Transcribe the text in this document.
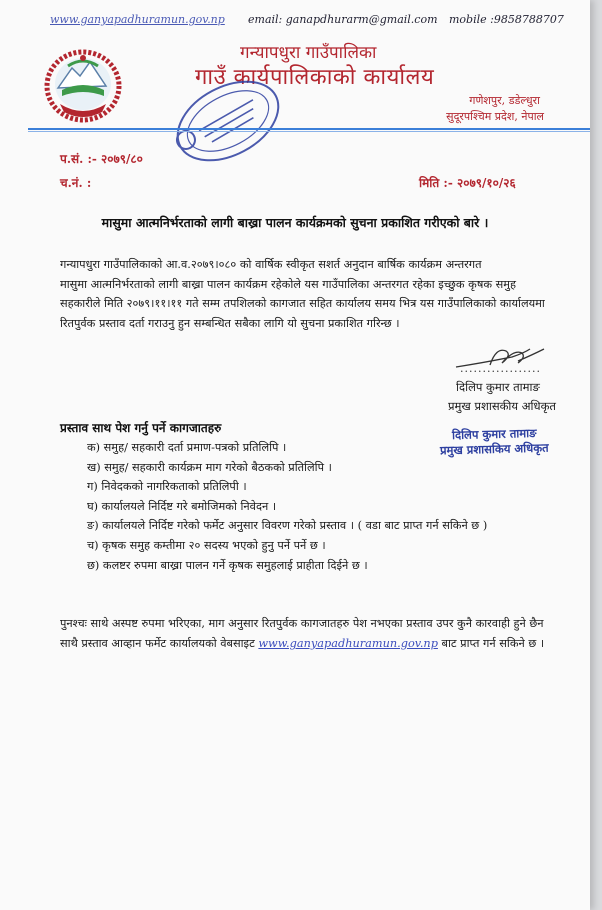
www.ganyapadhuramun.gov.np email: ganapdhurarm@gmail.com mobile :9858788707
गन्यापधुरा गाउँपालिका
गाउँ कार्यपालिकाको कार्यालय
गणेशपुर, डडेल्धुरा
सुदूरपश्चिम प्रदेश, नेपाल
प.सं. :- २०७९/८०
च.नं. :	मिति :- २०७९/१०/२६
मासुमा आत्मनिर्भरताको लागी बाख्रा पालन कार्यक्रमको सुचना प्रकाशित गरीएको बारे ।
गन्यापधुरा गाउँपालिकाको आ.व.२०७९।०८० को वार्षिक स्वीकृत सशर्त अनुदान बार्षिक कार्यक्रम अन्तरगत
मासुमा आत्मनिर्भरताको लागी बाख्रा पालन कार्यक्रम रहेकोले यस गाउँपालिका अन्तरगत रहेका इच्छुक कृषक समुह
सहकारीले मिति २०७९।११।११ गते सम्म तपशिलको कागजात सहित कार्यालय समय भित्र यस गाउँपालिकाको कार्यालयमा
रितपुर्वक प्रस्ताव दर्ता गराउनु हुन सम्बन्धित सबैका लागि यो सुचना प्रकाशित गरिन्छ ।
..................
दिलिप कुमार तामाङ
प्रमुख प्रशासकीय अधिकृत
दिलिप कुमार तामाङ
प्रमुख प्रशासकिय अधिकृत
प्रस्ताव साथ पेश गर्नु पर्ने कागजातहरु
क) समुह/ सहकारी दर्ता प्रमाण-पत्रको प्रतिलिपि ।
ख) समुह/ सहकारी कार्यक्रम माग गरेको बैठकको प्रतिलिपि ।
ग) निवेदकको नागरिकताको प्रतिलिपी ।
घ) कार्यालयले निर्दिष्ट गरे बमोजिमको निवेदन ।
ङ) कार्यालयले निर्दिष्ट गरेको फर्मेट अनुसार विवरण गरेको प्रस्ताव । ( वडा बाट प्राप्त गर्न सकिने छ )
च) कृषक समुह कम्तीमा २० सदस्य भएको हुनु पर्ने पर्ने छ ।
छ) कलष्टर रुपमा बाख्रा पालन गर्ने कृषक समुहलाई प्राहीता दिईने छ ।
पुनश्चः साथे अस्पष्ट रुपमा भरिएका, माग अनुसार रितपुर्वक कागजातहरु पेश नभएका प्रस्ताव उपर कुनै कारवाही हुने छैन
साथै प्रस्ताव आव्हान फर्मेट कार्यालयको वेबसाइट www.ganyapadhuramun.gov.np बाट प्राप्त गर्न सकिने छ ।
